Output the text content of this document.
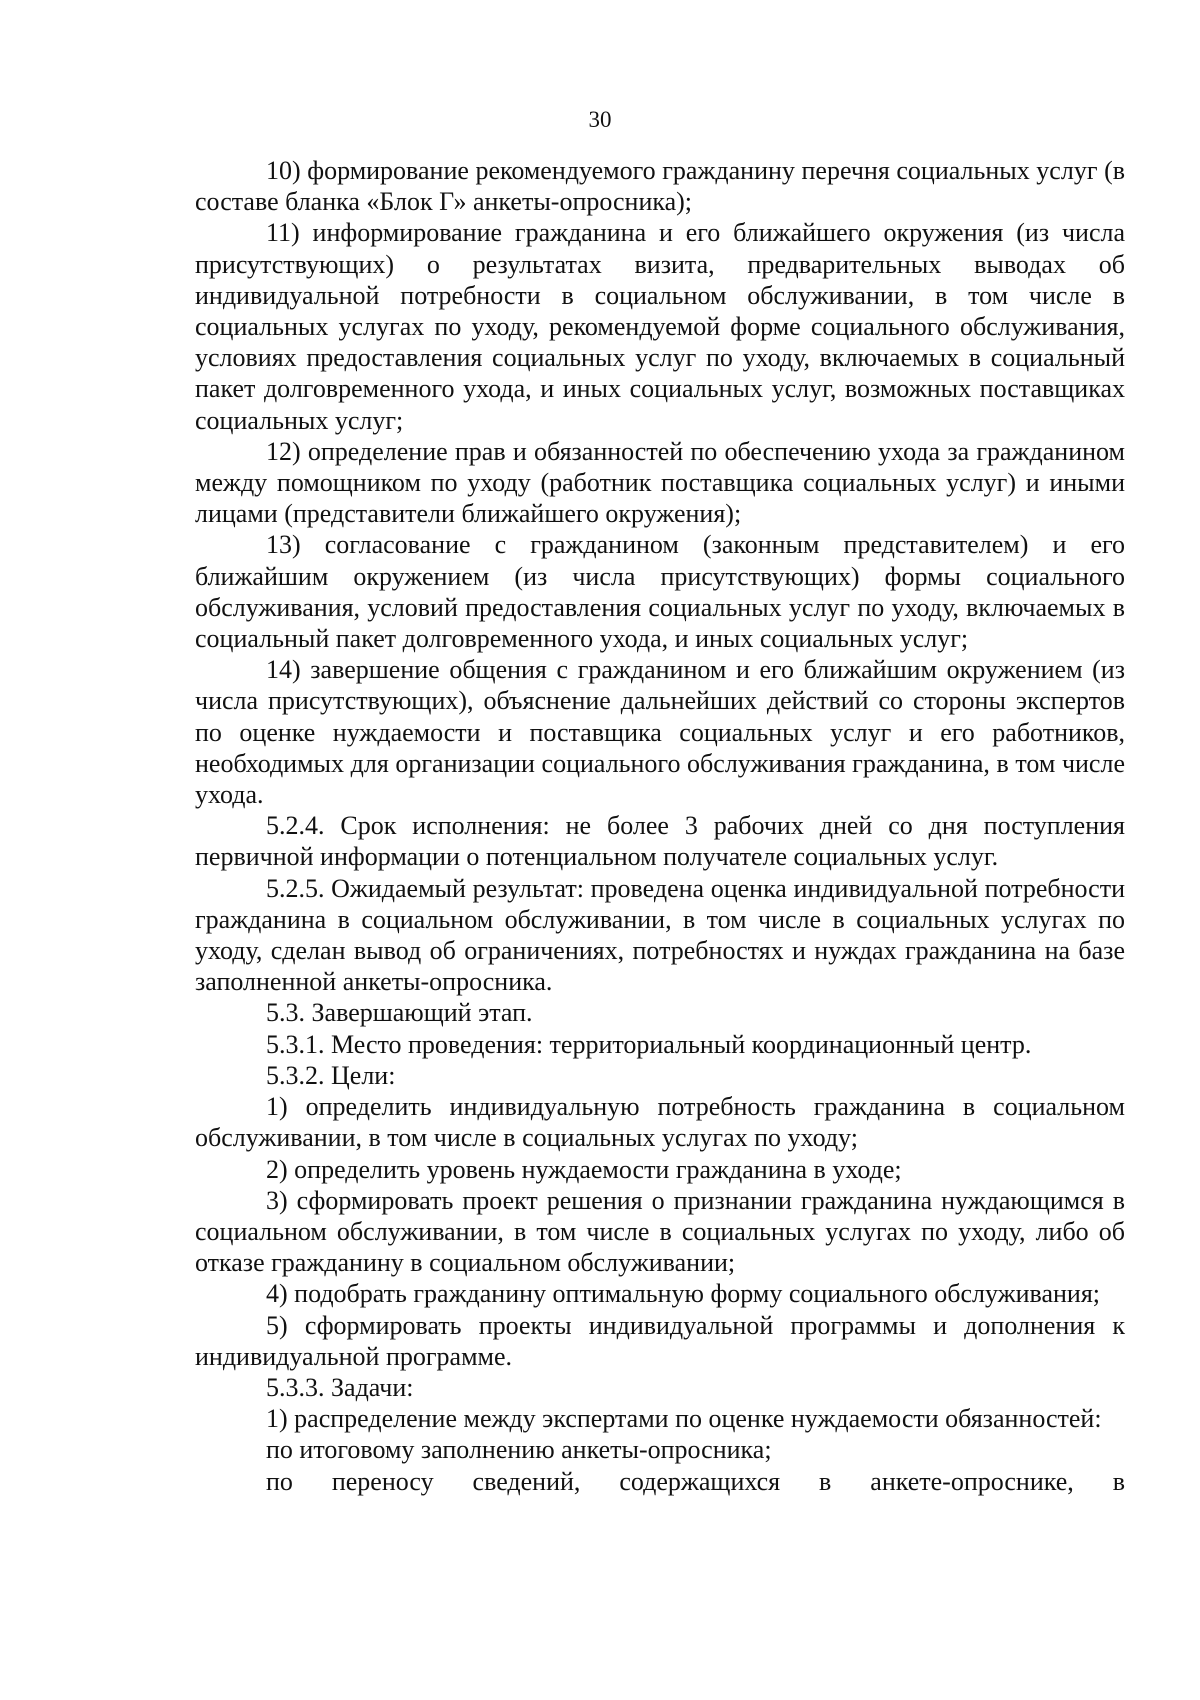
30

10) формирование рекомендуемого гражданину перечня социальных услуг (в составе бланка «Блок Г» анкеты-опросника);

11) информирование гражданина и его ближайшего окружения (из числа присутствующих) о результатах визита, предварительных выводах об индивидуальной потребности в социальном обслуживании, в том числе в социальных услугах по уходу, рекомендуемой форме социального обслуживания, условиях предоставления социальных услуг по уходу, включаемых в социальный пакет долговременного ухода, и иных социальных услуг, возможных поставщиках социальных услуг;

12) определение прав и обязанностей по обеспечению ухода за гражданином между помощником по уходу (работник поставщика социальных услуг) и иными лицами (представители ближайшего окружения);

13) согласование с гражданином (законным представителем) и его ближайшим окружением (из числа присутствующих) формы социального обслуживания, условий предоставления социальных услуг по уходу, включаемых в социальный пакет долговременного ухода, и иных социальных услуг;

14) завершение общения с гражданином и его ближайшим окружением (из числа присутствующих), объяснение дальнейших действий со стороны экспертов по оценке нуждаемости и поставщика социальных услуг и его работников, необходимых для организации социального обслуживания гражданина, в том числе ухода.

5.2.4. Срок исполнения: не более 3 рабочих дней со дня поступления первичной информации о потенциальном получателе социальных услуг.

5.2.5. Ожидаемый результат: проведена оценка индивидуальной потребности гражданина в социальном обслуживании, в том числе в социальных услугах по уходу, сделан вывод об ограничениях, потребностях и нуждах гражданина на базе заполненной анкеты-опросника.

5.3. Завершающий этап.

5.3.1. Место проведения: территориальный координационный центр.

5.3.2. Цели:

1) определить индивидуальную потребность гражданина в социальном обслуживании, в том числе в социальных услугах по уходу;

2) определить уровень нуждаемости гражданина в уходе;

3) сформировать проект решения о признании гражданина нуждающимся в социальном обслуживании, в том числе в социальных услугах по уходу, либо об отказе гражданину в социальном обслуживании;

4) подобрать гражданину оптимальную форму социального обслуживания;

5) сформировать проекты индивидуальной программы и дополнения к индивидуальной программе.

5.3.3. Задачи:

1) распределение между экспертами по оценке нуждаемости обязанностей:

по итоговому заполнению анкеты-опросника;

по переносу сведений, содержащихся в анкете-опроснике, в
